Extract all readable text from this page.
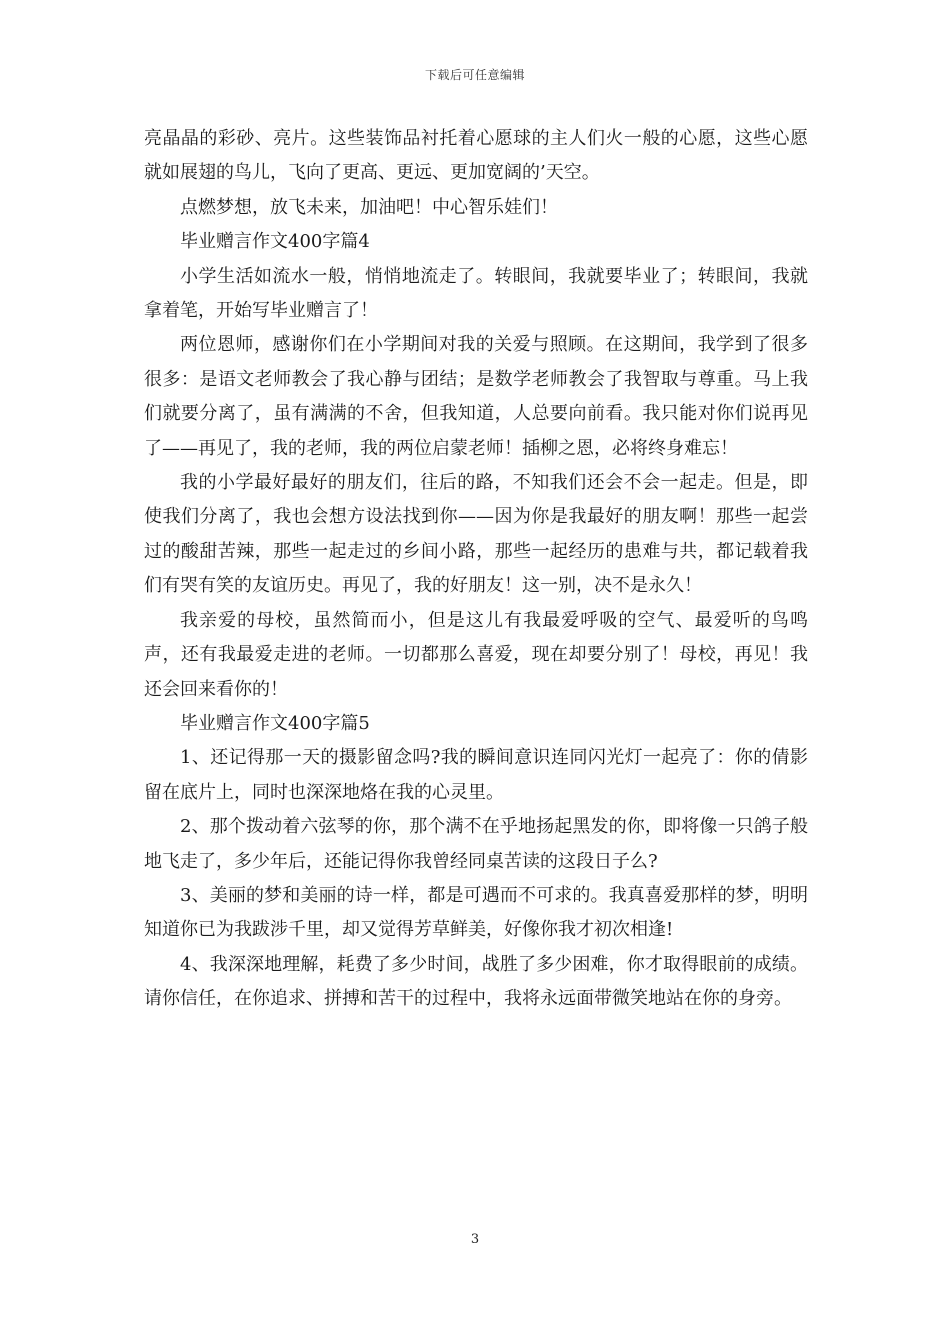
下载后可任意编辑

亮晶晶的彩砂、亮片。这些装饰品衬托着心愿球的主人们火一般的心愿，这些心愿就如展翅的鸟儿，飞向了更高、更远、更加宽阔的’天空。

点燃梦想，放飞未来，加油吧！中心智乐娃们！

毕业赠言作文400字篇4

小学生活如流水一般，悄悄地流走了。转眼间，我就要毕业了；转眼间，我就拿着笔，开始写毕业赠言了！

两位恩师，感谢你们在小学期间对我的关爱与照顾。在这期间，我学到了很多很多：是语文老师教会了我心静与团结；是数学老师教会了我智取与尊重。马上我们就要分离了，虽有满满的不舍，但我知道，人总要向前看。我只能对你们说再见了——再见了，我的老师，我的两位启蒙老师！插柳之恩，必将终身难忘！

我的小学最好最好的朋友们，往后的路，不知我们还会不会一起走。但是，即使我们分离了，我也会想方设法找到你——因为你是我最好的朋友啊！那些一起尝过的酸甜苦辣，那些一起走过的乡间小路，那些一起经历的患难与共，都记载着我们有哭有笑的友谊历史。再见了，我的好朋友！这一别，决不是永久！

我亲爱的母校，虽然简而小，但是这儿有我最爱呼吸的空气、最爱听的鸟鸣声，还有我最爱走进的老师。一切都那么喜爱，现在却要分别了！母校，再见！我还会回来看你的！

毕业赠言作文400字篇5

1、还记得那一天的摄影留念吗?我的瞬间意识连同闪光灯一起亮了：你的倩影留在底片上，同时也深深地烙在我的心灵里。

2、那个拨动着六弦琴的你，那个满不在乎地扬起黑发的你，即将像一只鸽子般地飞走了，多少年后，还能记得你我曾经同桌苦读的这段日子么?

3、美丽的梦和美丽的诗一样，都是可遇而不可求的。我真喜爱那样的梦，明明知道你已为我跋涉千里，却又觉得芳草鲜美，好像你我才初次相逢!

4、我深深地理解，耗费了多少时间，战胜了多少困难，你才取得眼前的成绩。请你信任，在你追求、拼搏和苦干的过程中，我将永远面带微笑地站在你的身旁。

3
